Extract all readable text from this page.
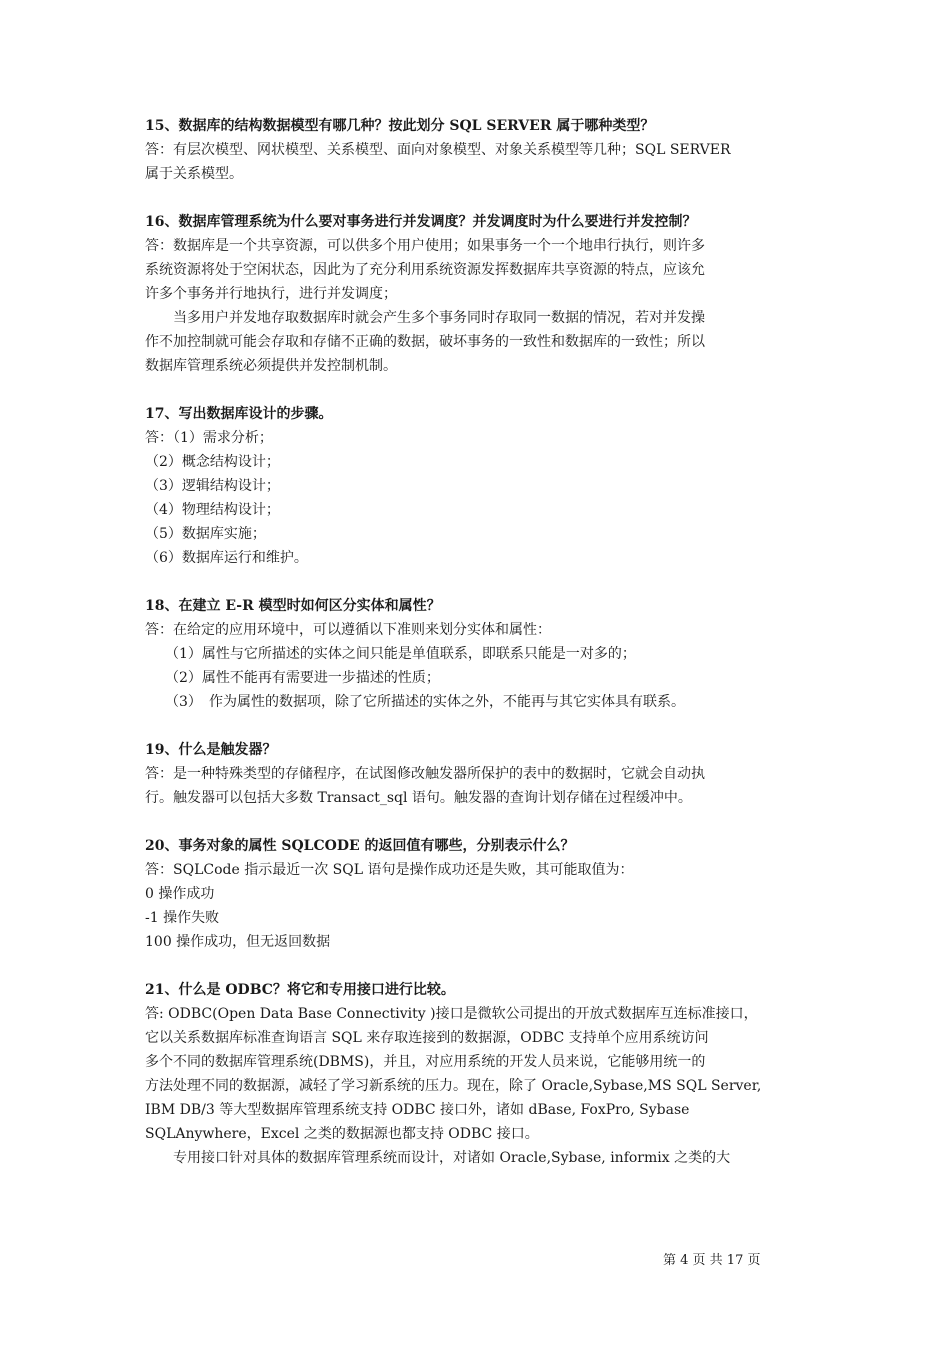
15、数据库的结构数据模型有哪几种？按此划分 SQL SERVER 属于哪种类型？

答：有层次模型、网状模型、关系模型、面向对象模型、对象关系模型等几种；SQL SERVER

属于关系模型。

16、数据库管理系统为什么要对事务进行并发调度？并发调度时为什么要进行并发控制？

答：数据库是一个共享资源，可以供多个用户使用；如果事务一个一个地串行执行，则许多

系统资源将处于空闲状态，因此为了充分利用系统资源发挥数据库共享资源的特点，应该允

许多个事务并行地执行，进行并发调度；

当多用户并发地存取数据库时就会产生多个事务同时存取同一数据的情况，若对并发操

作不加控制就可能会存取和存储不正确的数据，破坏事务的一致性和数据库的一致性；所以

数据库管理系统必须提供并发控制机制。

17、写出数据库设计的步骤。

答：（1）需求分析；

（2）概念结构设计；

（3）逻辑结构设计；

（4）物理结构设计；

（5）数据库实施；

（6）数据库运行和维护。

18、在建立 E-R 模型时如何区分实体和属性？

答：在给定的应用环境中，可以遵循以下准则来划分实体和属性：

（1）属性与它所描述的实体之间只能是单值联系，即联系只能是一对多的；

（2）属性不能再有需要进一步描述的性质；

（3） 作为属性的数据项，除了它所描述的实体之外，不能再与其它实体具有联系。

19、什么是触发器？

答：是一种特殊类型的存储程序，在试图修改触发器所保护的表中的数据时，它就会自动执

行。触发器可以包括大多数 Transact_sql 语句。触发器的查询计划存储在过程缓冲中。

20、事务对象的属性 SQLCODE 的返回值有哪些，分别表示什么？

答：SQLCode 指示最近一次 SQL 语句是操作成功还是失败，其可能取值为：

0 操作成功

-1 操作失败

100 操作成功，但无返回数据

21、什么是 ODBC？将它和专用接口进行比较。

答: ODBC(Open Data Base Connectivity )接口是微软公司提出的开放式数据库互连标准接口，

它以关系数据库标准查询语言 SQL 来存取连接到的数据源，ODBC 支持单个应用系统访问

多个不同的数据库管理系统(DBMS)，并且，对应用系统的开发人员来说，它能够用统一的

方法处理不同的数据源，减轻了学习新系统的压力。现在，除了 Oracle,Sybase,MS SQL Server,

IBM DB/3 等大型数据库管理系统支持 ODBC 接口外，诸如 dBase, FoxPro, Sybase

SQLAnywhere，Excel 之类的数据源也都支持 ODBC 接口。

专用接口针对具体的数据库管理系统而设计，对诸如 Oracle,Sybase, informix 之类的大

第 4 页 共 17 页
